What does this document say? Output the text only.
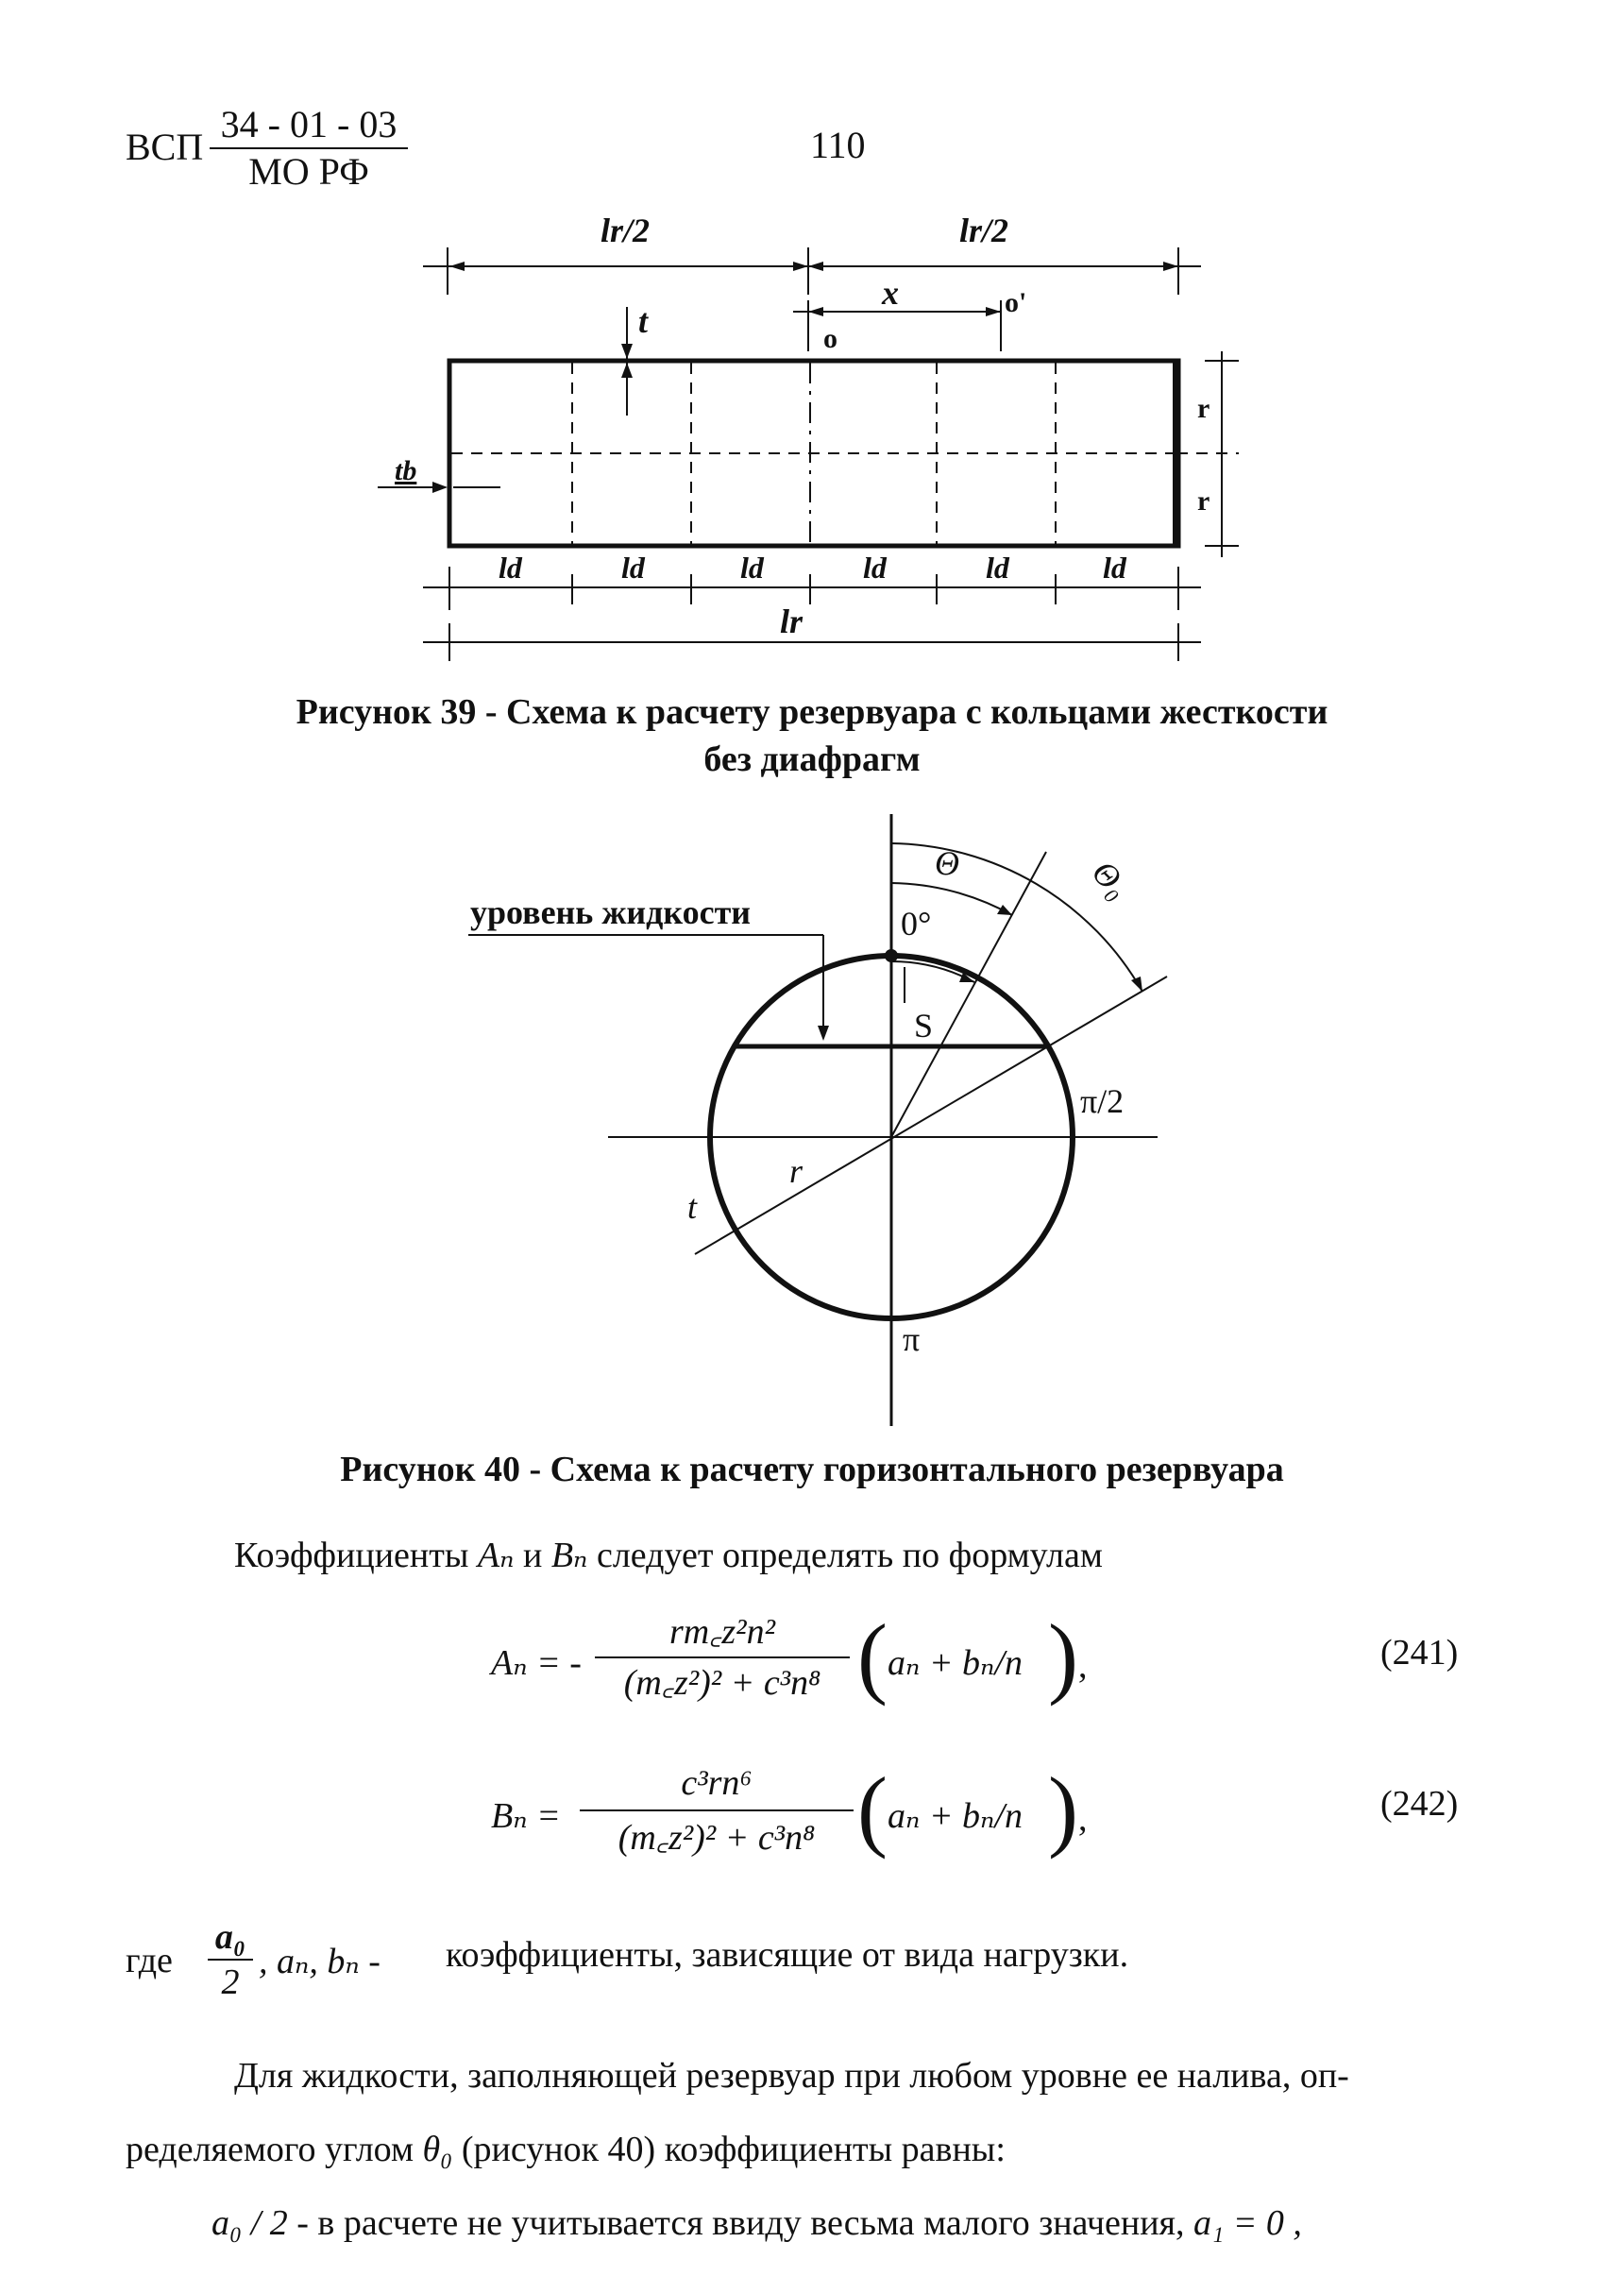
ВСП
34 - 01 - 03
МО РФ
110
lr/2	lr/2
x
o
o'
t
tb
r
r
ld	ld	ld	ld	ld	ld
lr
Рисунок 39 - Схема к расчету резервуара с кольцами жесткости
без диафрагм
уровень жидкости
Θ	Θ₀
0°
S
π/2
r
t
π
Рисунок 40 - Схема к расчету горизонтального резервуара
Коэффициенты Aₙ и Bₙ следует определять по формулам
Aₙ = - $\frac{\text{rm꜀z²n²}}{\text{(m꜀z²)² + c³n⁸}}$ ( aₙ + bₙ/n ) ,	(241)
$B_n = \frac{\text{c³rn⁶}}{\text{(m꜀z²)² + c³n⁸}}$ ( aₙ + bₙ/n ) ,	(242)
где $\frac{\text{a₀}}{2}$ , aₙ, bₙ - коэффициенты, зависящие от вида нагрузки.
Для жидкости, заполняющей резервуар при любом уровне ее налива, оп-
ределяемого углом θ₀ (рисунок 40) коэффициенты равны:
a₀ / 2 - в расчете не учитывается ввиду весьма малого значения, a₁ = 0 ,
